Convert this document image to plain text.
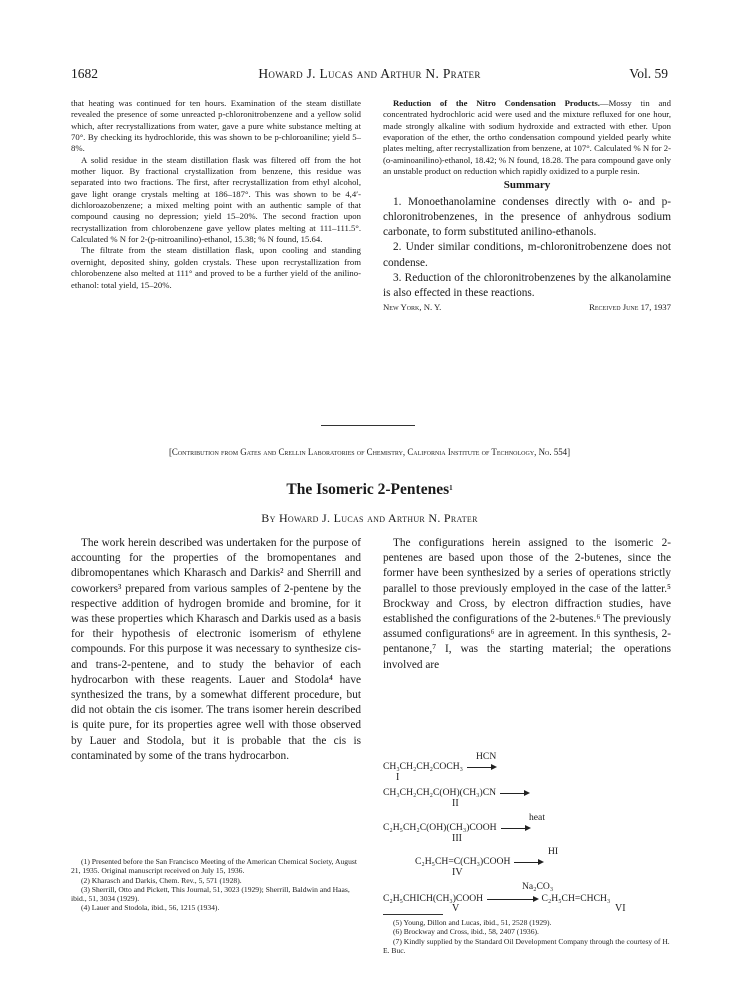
1682	Howard J. Lucas and Arthur N. Prater	Vol. 59

that heating was continued for ten hours. Examination of the steam distillate revealed the presence of some unreacted p-chloronitrobenzene and a yellow solid which, after recrystallizations from water, gave a pure white substance melting at 70°. By checking its hydrochloride, this was shown to be p-chloroaniline; yield 5–8%.

A solid residue in the steam distillation flask was filtered off from the hot mother liquor. By fractional crystallization from benzene, this residue was separated into two fractions. The first, after recrystallization from ethyl alcohol, gave light orange crystals melting at 186–187°. This was shown to be 4,4′-dichloroazobenzene; a mixed melting point with an authentic sample of that compound causing no depression; yield 15–20%. The second fraction upon recrystallization from chlorobenzene gave yellow plates melting at 111–111.5°. Calculated % N for 2-(p-nitroanilino)-ethanol, 15.38; % N found, 15.64.

The filtrate from the steam distillation flask, upon cooling and standing overnight, deposited shiny, golden crystals. These upon recrystallization from chlorobenzene also melted at 111° and proved to be a further yield of the anilino-ethanol: total yield, 15–20%.

Reduction of the Nitro Condensation Products.—Mossy tin and concentrated hydrochloric acid were used and the mixture refluxed for one hour, made strongly alkaline with sodium hydroxide and extracted with ether. Upon evaporation of the ether, the ortho condensation compound yielded pearly white plates melting, after recrystallization from benzene, at 107°. Calculated % N for 2-(o-aminoanilino)-ethanol, 18.42; % N found, 18.28. The para compound gave only an unstable product on reduction which rapidly oxidized to a purple resin.

Summary

1. Monoethanolamine condenses directly with o- and p-chloronitrobenzenes, in the presence of anhydrous sodium carbonate, to form substituted anilino-ethanols.

2. Under similar conditions, m-chloronitrobenzene does not condense.

3. Reduction of the chloronitrobenzenes by the alkanolamine is also effected in these reactions.

New York, N. Y.	Received June 17, 1937
[Contribution from Gates and Crellin Laboratories of Chemistry, California Institute of Technology, No. 554]
The Isomeric 2-Pentenes$^1$
By Howard J. Lucas and Arthur N. Prater

The work herein described was undertaken for the purpose of accounting for the properties of the bromopentanes and dibromopentanes which Kharasch and Darkis² and Sherrill and coworkers³ prepared from various samples of 2-pentene by the respective addition of hydrogen bromide and bromine, for it was these properties which Kharasch and Darkis used as a basis for their hypothesis of electronic isomerism of ethylene compounds. For this purpose it was necessary to synthesize cis- and trans-2-pentene, and to study the behavior of each hydrocarbon with these reagents. Lauer and Stodola⁴ have synthesized the trans, by a somewhat different procedure, but did not obtain the cis isomer. The trans isomer herein described is quite pure, for its properties agree well with those observed by Lauer and Stodola, but it is probable that the cis is contaminated by some of the trans hydrocarbon.

The configurations herein assigned to the isomeric 2-pentenes are based upon those of the 2-butenes, since the former have been synthesized by a series of operations strictly parallel to those previously employed in the case of the latter.⁵ Brockway and Cross, by electron diffraction studies, have established the configurations of the 2-butenes.⁶ The previously assumed configurations⁶ are in agreement. In this synthesis, 2-pentanone,⁷ I, was the starting material; the operations involved are

HCN
CH₃CH₂CH₂COCH₃
I
CH₃CH₂CH₂C(OH)(CH₃)CN
II
heat
C₂H₅CH₂C(OH)(CH₃)COOH
III
HI
C₂H₅CH=C(CH₃)COOH
IV
Na₂CO₃
C₂H₅CHICH(CH₃)COOH	C₂H₅CH=CHCH₃
V	VI

(1) Presented before the San Francisco Meeting of the American Chemical Society, August 21, 1935. Original manuscript received on July 15, 1936.

(2) Kharasch and Darkis, Chem. Rev., 5, 571 (1928).

(3) Sherrill, Otto and Pickett, This Journal, 51, 3023 (1929); Sherrill, Baldwin and Haas, ibid., 51, 3034 (1929).

(4) Lauer and Stodola, ibid., 56, 1215 (1934).

(5) Young, Dillon and Lucas, ibid., 51, 2528 (1929).

(6) Brockway and Cross, ibid., 58, 2407 (1936).

(7) Kindly supplied by the Standard Oil Development Company through the courtesy of H. E. Buc.
